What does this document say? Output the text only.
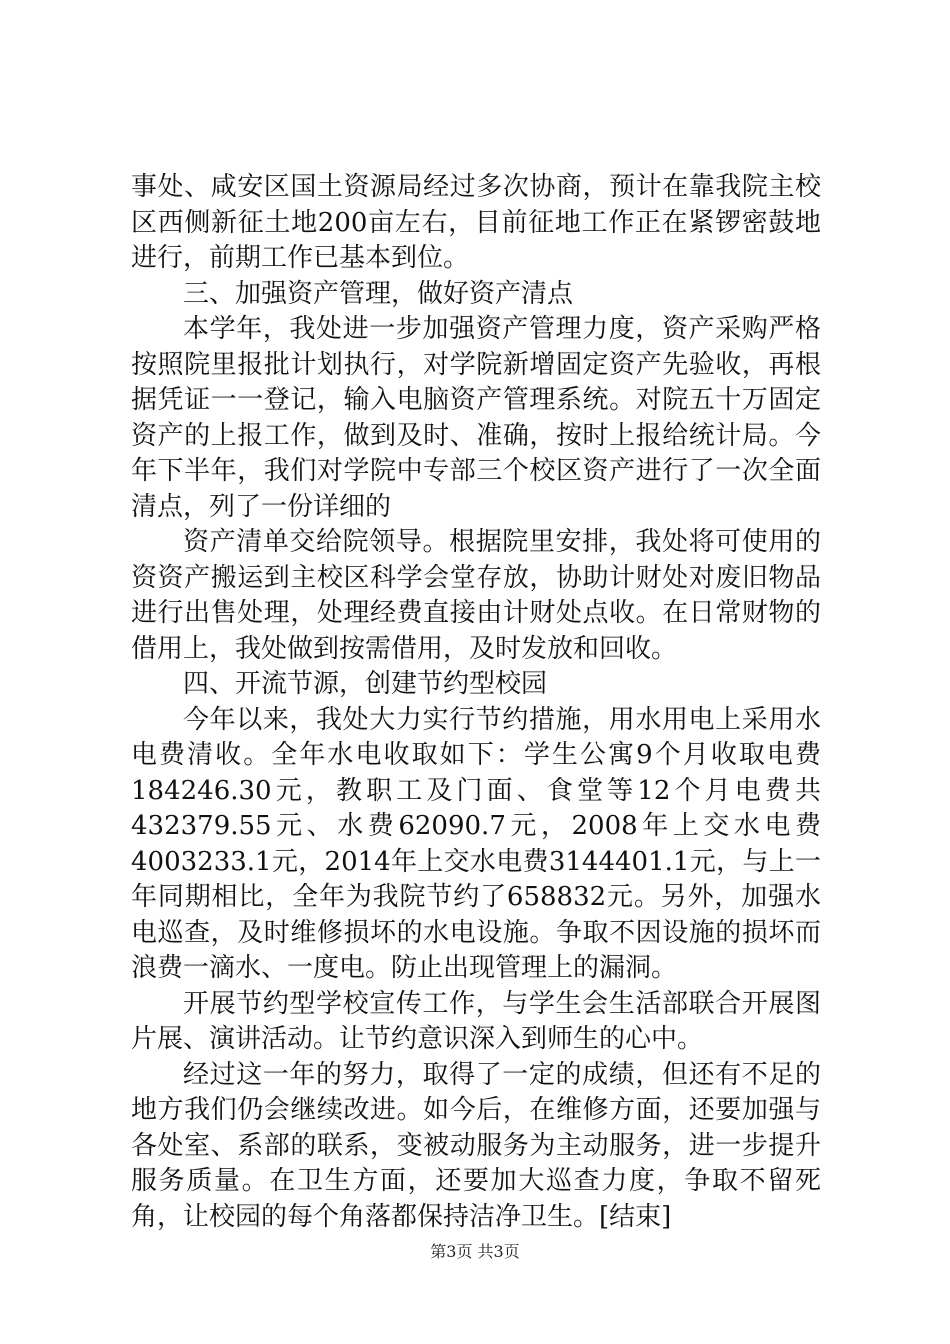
事处、咸安区国土资源局经过多次协商，预计在靠我院主校区西侧新征土地200亩左右，目前征地工作正在紧锣密鼓地进行，前期工作已基本到位。

三、加强资产管理，做好资产清点

本学年，我处进一步加强资产管理力度，资产采购严格按照院里报批计划执行，对学院新增固定资产先验收，再根据凭证一一登记，输入电脑资产管理系统。对院五十万固定资产的上报工作，做到及时、准确，按时上报给统计局。今年下半年，我们对学院中专部三个校区资产进行了一次全面清点，列了一份详细的

资产清单交给院领导。根据院里安排，我处将可使用的资资产搬运到主校区科学会堂存放，协助计财处对废旧物品进行出售处理，处理经费直接由计财处点收。在日常财物的借用上，我处做到按需借用，及时发放和回收。

四、开流节源，创建节约型校园

今年以来，我处大力实行节约措施，用水用电上采用水电费清收。全年水电收取如下：学生公寓9个月收取电费184246.30元，教职工及门面、食堂等12个月电费共432379.55元、水费62090.7元，2008年上交水电费4003233.1元，2014年上交水电费3144401.1元，与上一年同期相比，全年为我院节约了658832元。另外，加强水电巡查，及时维修损坏的水电设施。争取不因设施的损坏而浪费一滴水、一度电。防止出现管理上的漏洞。

开展节约型学校宣传工作，与学生会生活部联合开展图片展、演讲活动。让节约意识深入到师生的心中。

经过这一年的努力，取得了一定的成绩，但还有不足的地方我们仍会继续改进。如今后，在维修方面，还要加强与各处室、系部的联系，变被动服务为主动服务，进一步提升服务质量。在卫生方面，还要加大巡查力度，争取不留死角，让校园的每个角落都保持洁净卫生。[结束]

第3页 共3页
